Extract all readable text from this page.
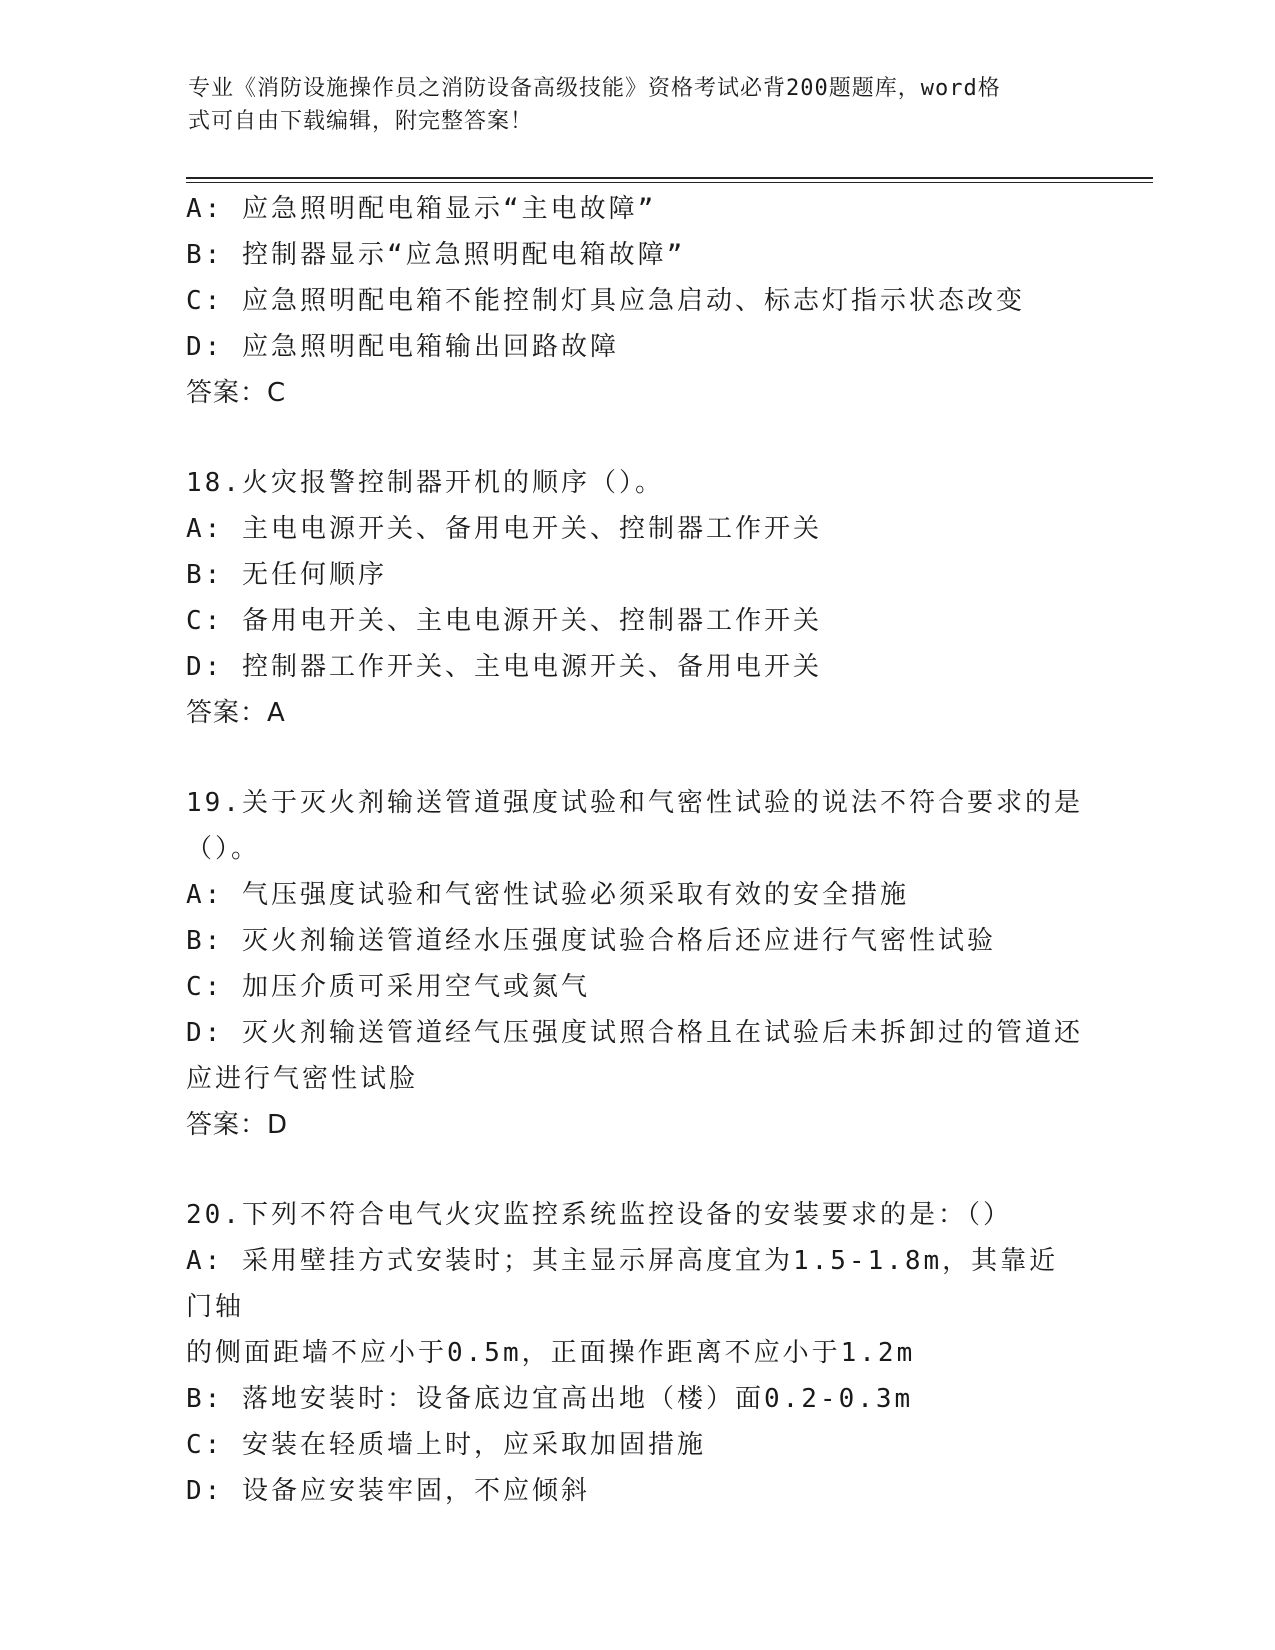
专业《消防设施操作员之消防设备高级技能》资格考试必背200题题库，word格
式可自由下载编辑，附完整答案！

A: 应急照明配电箱显示“主电故障”

B: 控制器显示“应急照明配电箱故障”

C: 应急照明配电箱不能控制灯具应急启动、标志灯指示状态改变

D: 应急照明配电箱输出回路故障

答案：C

18.火灾报警控制器开机的顺序（）。

A: 主电电源开关、备用电开关、控制器工作开关

B: 无任何顺序

C: 备用电开关、主电电源开关、控制器工作开关

D: 控制器工作开关、主电电源开关、备用电开关

答案：A

19.关于灭火剂输送管道强度试验和气密性试验的说法不符合要求的是

（）。

A: 气压强度试验和气密性试验必须采取有效的安全措施

B: 灭火剂输送管道经水压强度试验合格后还应进行气密性试验

C: 加压介质可采用空气或氮气

D: 灭火剂输送管道经气压强度试照合格且在试验后未拆卸过的管道还

应进行气密性试脸

答案：D

20.下列不符合电气火灾监控系统监控设备的安装要求的是：（）

A: 采用壁挂方式安装时；其主显示屏高度宜为1.5-1.8m，其靠近门轴

的侧面距墙不应小于0.5m，正面操作距离不应小于1.2m

B: 落地安装时：设备底边宜高出地（楼）面0.2-0.3m

C: 安装在轻质墙上时，应采取加固措施

D: 设备应安装牢固，不应倾斜
